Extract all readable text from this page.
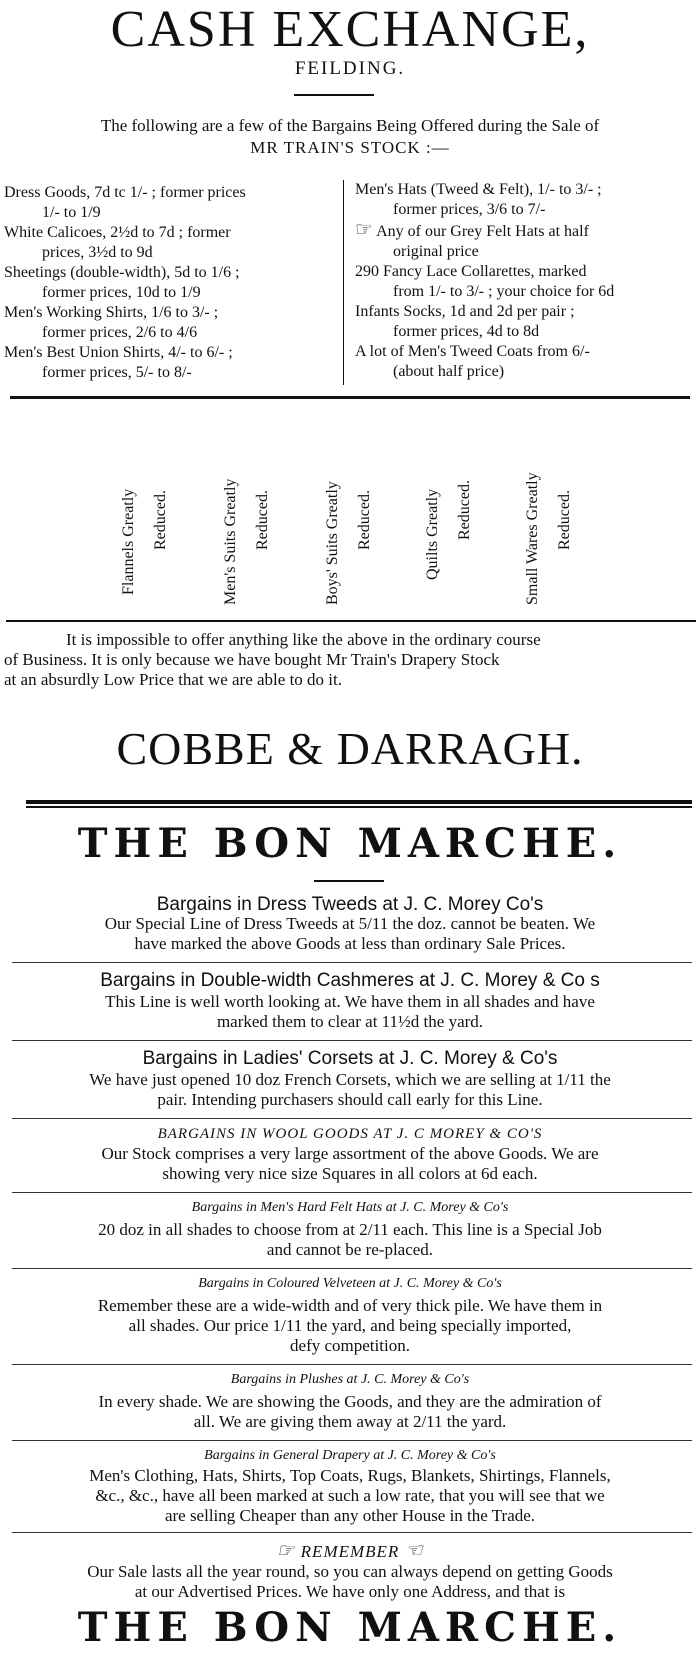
CASH EXCHANGE,
FEILDING.
The following are a few of the Bargains Being Offered during the Sale of
MR TRAIN'S STOCK :—
Dress Goods, 7d tc 1/- ; former prices
1/- to 1/9
White Calicoes, 2½d to 7d ; former
prices, 3½d to 9d
Sheetings (double-width), 5d to 1/6 ;
former prices, 10d to 1/9
Men's Working Shirts, 1/6 to 3/- ;
former prices, 2/6 to 4/6
Men's Best Union Shirts, 4/- to 6/- ;
former prices, 5/- to 8/-
Men's Hats (Tweed & Felt), 1/- to 3/- ;
former prices, 3/6 to 7/-
☞ Any of our Grey Felt Hats at half
original price
290 Fancy Lace Collarettes, marked
from 1/- to 3/- ; your choice for 6d
Infants Socks, 1d and 2d per pair ;
former prices, 4d to 8d
A lot of Men's Tweed Coats from 6/-
(about half price)
Flannels Greatly Reduced.	Men's Suits Greatly Reduced.	Boys' Suits Greatly Reduced.	Quilts Greatly Reduced.	Small Wares Greatly Reduced.
It is impossible to offer anything like the above in the ordinary course
of Business. It is only because we have bought Mr Train's Drapery Stock
at an absurdly Low Price that we are able to do it.
COBBE & DARRAGH.
THE BON MARCHE.
Bargains in Dress Tweeds at J. C. Morey Co's
Our Special Line of Dress Tweeds at 5/11 the doz. cannot be beaten. We
have marked the above Goods at less than ordinary Sale Prices.
Bargains in Double-width Cashmeres at J. C. Morey & Co s
This Line is well worth looking at. We have them in all shades and have
marked them to clear at 11½d the yard.
Bargains in Ladies' Corsets at J. C. Morey & Co's
We have just opened 10 doz French Corsets, which we are selling at 1/11 the
pair. Intending purchasers should call early for this Line.
BARGAINS IN WOOL GOODS AT J. C MOREY & CO'S
Our Stock comprises a very large assortment of the above Goods. We are
showing very nice size Squares in all colors at 6d each.
Bargains in Men's Hard Felt Hats at J. C. Morey & Co's
20 doz in all shades to choose from at 2/11 each. This line is a Special Job
and cannot be re-placed.
Bargains in Coloured Velveteen at J. C. Morey & Co's
Remember these are a wide-width and of very thick pile. We have them in
all shades. Our price 1/11 the yard, and being specially imported,
defy competition.
Bargains in Plushes at J. C. Morey & Co's
In every shade. We are showing the Goods, and they are the admiration of
all. We are giving them away at 2/11 the yard.
Bargains in General Drapery at J. C. Morey & Co's
Men's Clothing, Hats, Shirts, Top Coats, Rugs, Blankets, Shirtings, Flannels,
&c., &c., have all been marked at such a low rate, that you will see that we
are selling Cheaper than any other House in the Trade.
☞ REMEMBER ☜
Our Sale lasts all the year round, so you can always depend on getting Goods
at our Advertised Prices. We have only one Address, and that is
THE BON MARCHE.
